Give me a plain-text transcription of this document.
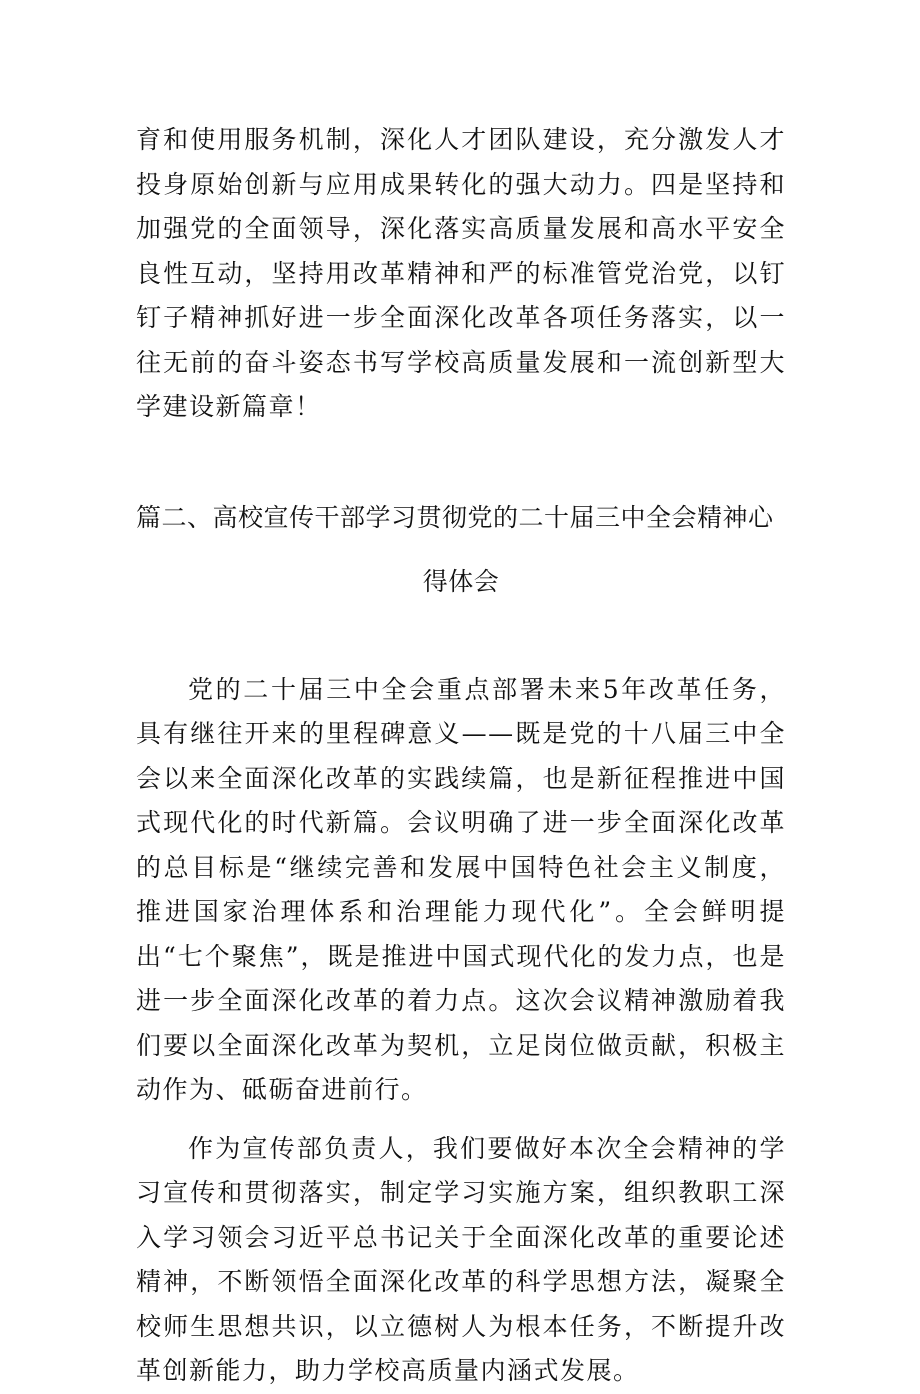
育和使用服务机制，深化人才团队建设，充分激发人才投身原始创新与应用成果转化的强大动力。四是坚持和加强党的全面领导，深化落实高质量发展和高水平安全良性互动，坚持用改革精神和严的标准管党治党，以钉钉子精神抓好进一步全面深化改革各项任务落实，以一往无前的奋斗姿态书写学校高质量发展和一流创新型大学建设新篇章！

篇二、高校宣传干部学习贯彻党的二十届三中全会精神心
得体会

党的二十届三中全会重点部署未来5年改革任务，具有继往开来的里程碑意义——既是党的十八届三中全会以来全面深化改革的实践续篇，也是新征程推进中国式现代化的时代新篇。会议明确了进一步全面深化改革的总目标是“继续完善和发展中国特色社会主义制度，推进国家治理体系和治理能力现代化”。全会鲜明提出“七个聚焦”，既是推进中国式现代化的发力点，也是进一步全面深化改革的着力点。这次会议精神激励着我们要以全面深化改革为契机，立足岗位做贡献，积极主动作为、砥砺奋进前行。

作为宣传部负责人，我们要做好本次全会精神的学习宣传和贯彻落实，制定学习实施方案，组织教职工深入学习领会习近平总书记关于全面深化改革的重要论述精神，不断领悟全面深化改革的科学思想方法，凝聚全校师生思想共识，以立德树人为根本任务，不断提升改革创新能力，助力学校高质量内涵式发展。
